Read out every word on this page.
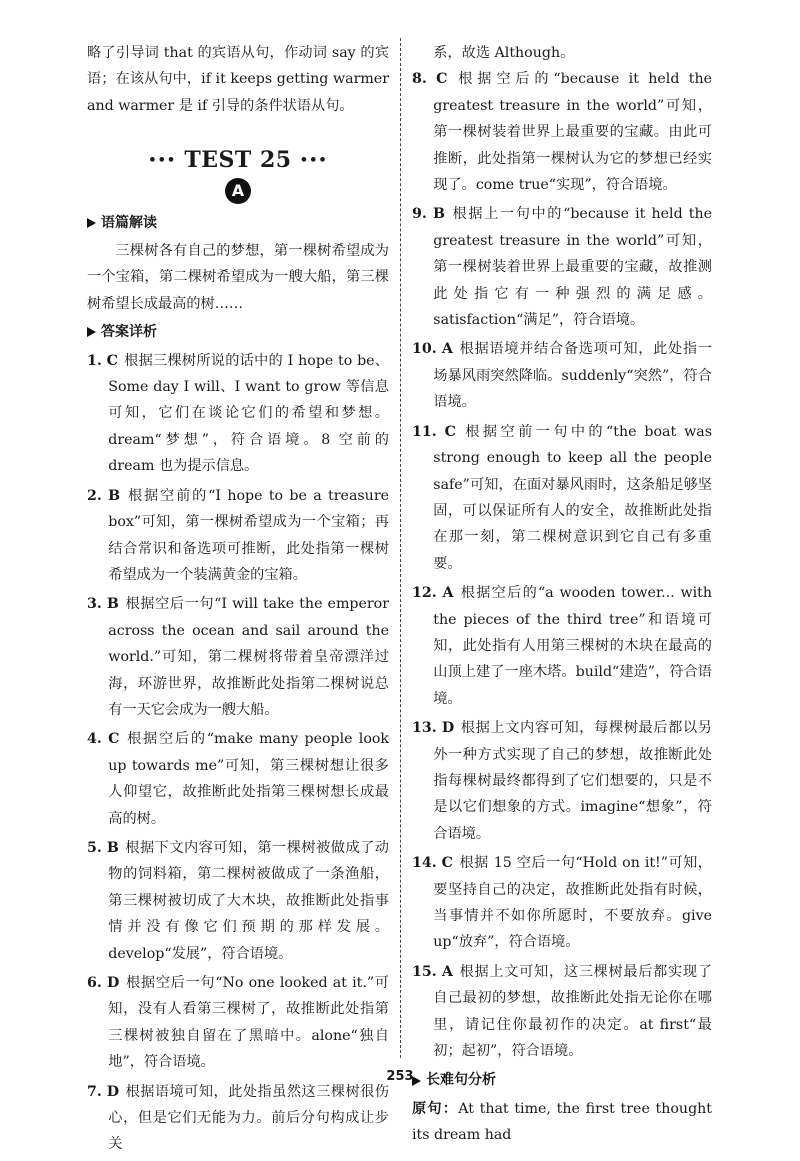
略了引导词 that 的宾语从句，作动词 say 的宾语；在该从句中，if it keeps getting warmer and warmer 是 if 引导的条件状语从句。

••• TEST 25 •••
A
语篇解读

三棵树各有自己的梦想，第一棵树希望成为一个宝箱，第二棵树希望成为一艘大船，第三棵树希望长成最高的树……

答案详析

1. C 根据三棵树所说的话中的 I hope to be、Some day I will、I want to grow 等信息可知，它们在谈论它们的希望和梦想。dream“梦想”，符合语境。8 空前的 dream 也为提示信息。

2. B 根据空前的“I hope to be a treasure box”可知，第一棵树希望成为一个宝箱；再结合常识和备选项可推断，此处指第一棵树希望成为一个装满黄金的宝箱。

3. B 根据空后一句“I will take the emperor across the ocean and sail around the world.”可知，第二棵树将带着皇帝漂洋过海，环游世界，故推断此处指第二棵树说总有一天它会成为一艘大船。

4. C 根据空后的“make many people look up towards me”可知，第三棵树想让很多人仰望它，故推断此处指第三棵树想长成最高的树。

5. B 根据下文内容可知，第一棵树被做成了动物的饲料箱，第二棵树被做成了一条渔船，第三棵树被切成了大木块，故推断此处指事情并没有像它们预期的那样发展。develop“发展”，符合语境。

6. D 根据空后一句“No one looked at it.”可知，没有人看第三棵树了，故推断此处指第三棵树被独自留在了黑暗中。alone“独自地”，符合语境。

7. D 根据语境可知，此处指虽然这三棵树很伤心，但是它们无能为力。前后分句构成让步关

系，故选 Although。

8. C 根据空后的“because it held the greatest treasure in the world”可知，第一棵树装着世界上最重要的宝藏。由此可推断，此处指第一棵树认为它的梦想已经实现了。come true“实现”，符合语境。

9. B 根据上一句中的“because it held the greatest treasure in the world”可知，第一棵树装着世界上最重要的宝藏，故推测此处指它有一种强烈的满足感。satisfaction“满足”，符合语境。

10. A 根据语境并结合备选项可知，此处指一场暴风雨突然降临。suddenly“突然”，符合语境。

11. C 根据空前一句中的“the boat was strong enough to keep all the people safe”可知，在面对暴风雨时，这条船足够坚固，可以保证所有人的安全，故推断此处指在那一刻，第二棵树意识到它自己有多重要。

12. A 根据空后的“a wooden tower... with the pieces of the third tree”和语境可知，此处指有人用第三棵树的木块在最高的山顶上建了一座木塔。build“建造”，符合语境。

13. D 根据上文内容可知，每棵树最后都以另外一种方式实现了自己的梦想，故推断此处指每棵树最终都得到了它们想要的，只是不是以它们想象的方式。imagine“想象”，符合语境。

14. C 根据 15 空后一句“Hold on it!”可知，要坚持自己的决定，故推断此处指有时候，当事情并不如你所愿时，不要放弃。give up“放弃”，符合语境。

15. A 根据上文可知，这三棵树最后都实现了自己最初的梦想，故推断此处指无论你在哪里，请记住你最初作的决定。at first“最初；起初”，符合语境。

长难句分析

原句：At that time, the first tree thought its dream had

253
